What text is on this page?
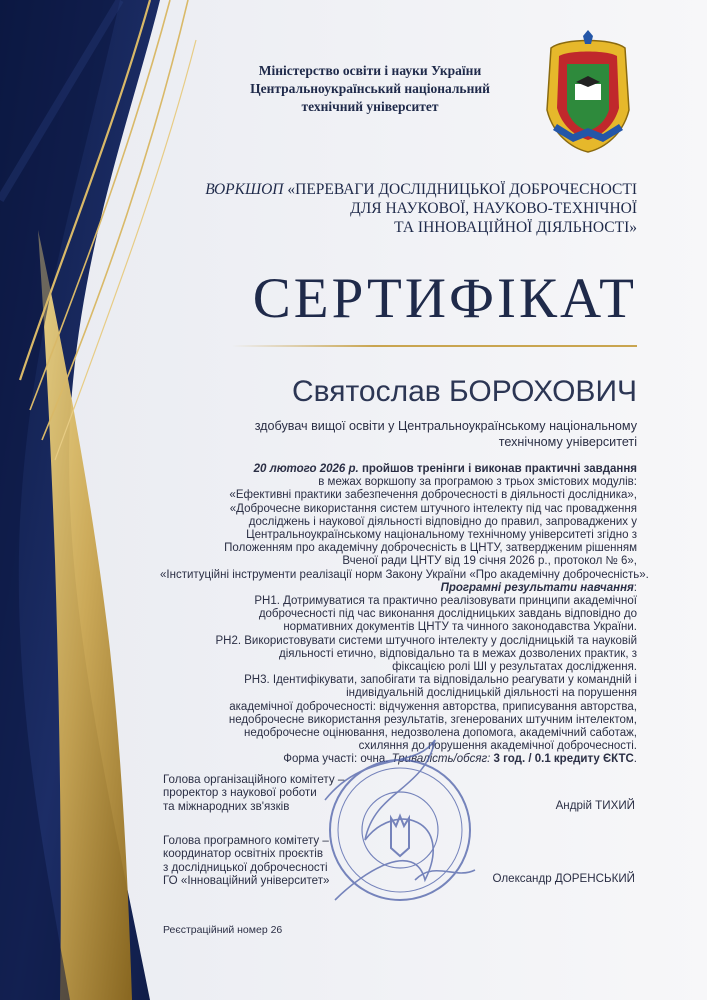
Міністерство освіти і науки України
Центральноукраїнський національний
технічний університет
ВОРКШОП «ПЕРЕВАГИ ДОСЛІДНИЦЬКОЇ ДОБРОЧЕСНОСТІ
ДЛЯ НАУКОВОЇ, НАУКОВО-ТЕХНІЧНОЇ
ТА ІННОВАЦІЙНОЇ ДІЯЛЬНОСТІ»
СЕРТИФІКАТ
Святослав БОРОХОВИЧ
здобувач вищої освіти у Центральноукраїнському національному
технічному університеті
20 лютого 2026 р. пройшов тренінги і виконав практичні завдання
в межах воркшопу за програмою з трьох змістових модулів:
«Ефективні практики забезпечення доброчесності в діяльності дослідника»,
«Доброчесне використання систем штучного інтелекту під час провадження
досліджень і наукової діяльності відповідно до правил, запроваджених у
Центральноукраїнському національному технічному університеті згідно з
Положенням про академічну доброчесність в ЦНТУ, затвердженим рішенням
Вченої ради ЦНТУ від 19 січня 2026 р., протокол № 6»,
«Інституційні інструменти реалізації норм Закону України «Про академічну доброчесність».
Програмні результати навчання:
РН1. Дотримуватися та практично реалізовувати принципи академічної
доброчесності під час виконання дослідницьких завдань відповідно до
нормативних документів ЦНТУ та чинного законодавства України.
РН2. Використовувати системи штучного інтелекту у дослідницькій та науковій
діяльності етично, відповідально та в межах дозволених практик, з
фіксацією ролі ШІ у результатах дослідження.
РН3. Ідентифікувати, запобігати та відповідально реагувати у командній і
індивідуальній дослідницькій діяльності на порушення
академічної доброчесності: відчуження авторства, приписування авторства,
недоброчесне використання результатів, згенерованих штучним інтелектом,
недоброчесне оцінювання, недозволена допомога, академічний саботаж,
схиляння до порушення академічної доброчесності.
Форма участі: очна. Тривалість/обсяг: 3 год. / 0.1 кредиту ЄКТС.
Голова організаційного комітету –
проректор з наукової роботи
та міжнародних зв'язків	Андрій ТИХИЙ
Голова програмного комітету –
координатор освітніх проєктів
з дослідницької доброчесності
ГО «Інноваційний університет»	Олександр ДОРЕНСЬКИЙ
Реєстраційний номер 26
